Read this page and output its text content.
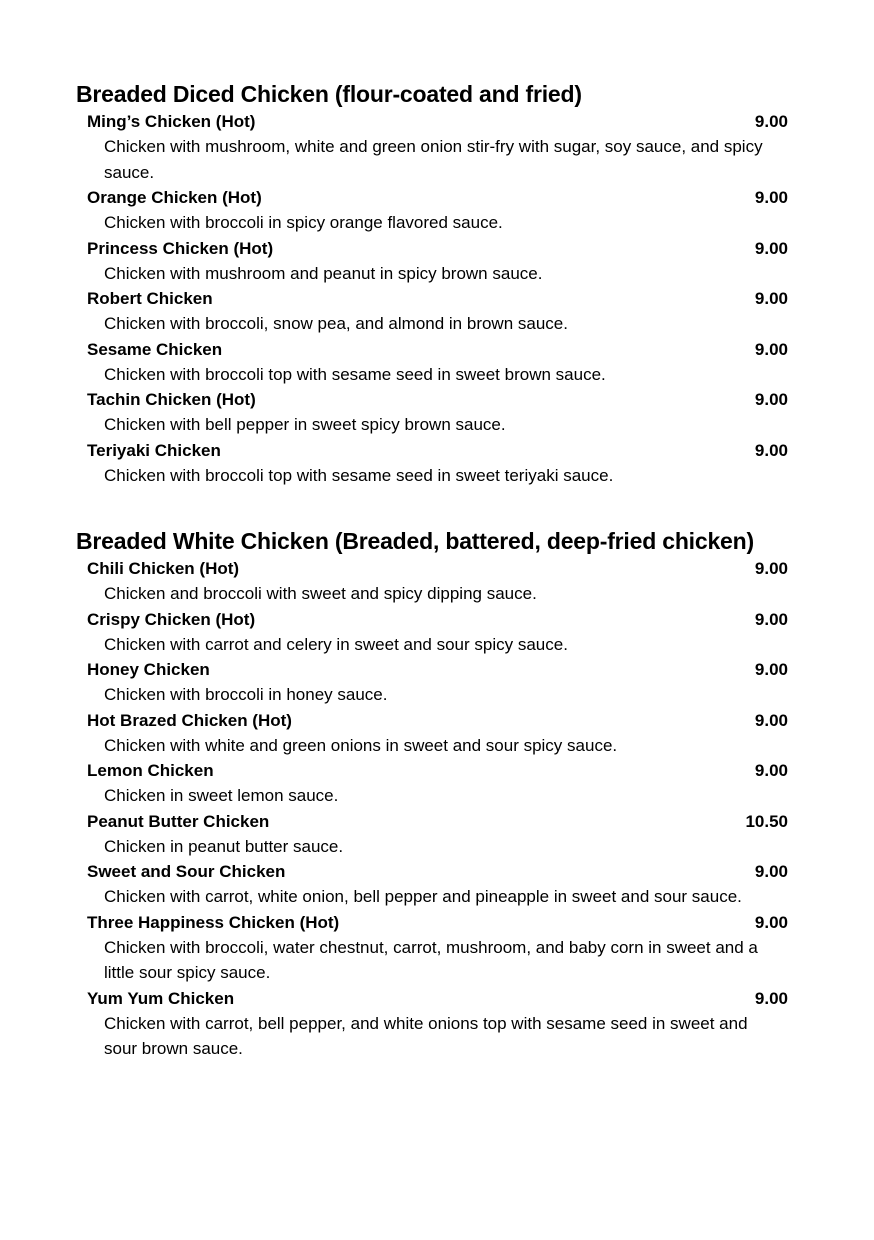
Breaded Diced Chicken (flour-coated and fried)
Ming’s Chicken (Hot)	9.00

Chicken with mushroom, white and green onion stir-fry with sugar, soy sauce, and spicy sauce.

Orange Chicken (Hot)	9.00

Chicken with broccoli in spicy orange flavored sauce.

Princess Chicken (Hot)	9.00

Chicken with mushroom and peanut in spicy brown sauce.

Robert Chicken	9.00

Chicken with broccoli, snow pea, and almond in brown sauce.

Sesame Chicken	9.00

Chicken with broccoli top with sesame seed in sweet brown sauce.

Tachin Chicken (Hot)	9.00

Chicken with bell pepper in sweet spicy brown sauce.

Teriyaki Chicken	9.00

Chicken with broccoli top with sesame seed in sweet teriyaki sauce.

Breaded White Chicken (Breaded, battered, deep-fried chicken)
Chili Chicken (Hot)	9.00

Chicken and broccoli with sweet and spicy dipping sauce.

Crispy Chicken (Hot)	9.00

Chicken with carrot and celery in sweet and sour spicy sauce.

Honey Chicken	9.00

Chicken with broccoli in honey sauce.

Hot Brazed Chicken (Hot)	9.00

Chicken with white and green onions in sweet and sour spicy sauce.

Lemon Chicken	9.00

Chicken in sweet lemon sauce.

Peanut Butter Chicken	10.50

Chicken in peanut butter sauce.

Sweet and Sour Chicken	9.00

Chicken with carrot, white onion, bell pepper and pineapple in sweet and sour sauce.

Three Happiness Chicken (Hot)	9.00

Chicken with broccoli, water chestnut, carrot, mushroom, and baby corn in sweet and a little sour spicy sauce.

Yum Yum Chicken	9.00

Chicken with carrot, bell pepper, and white onions top with sesame seed in sweet and sour brown sauce.
